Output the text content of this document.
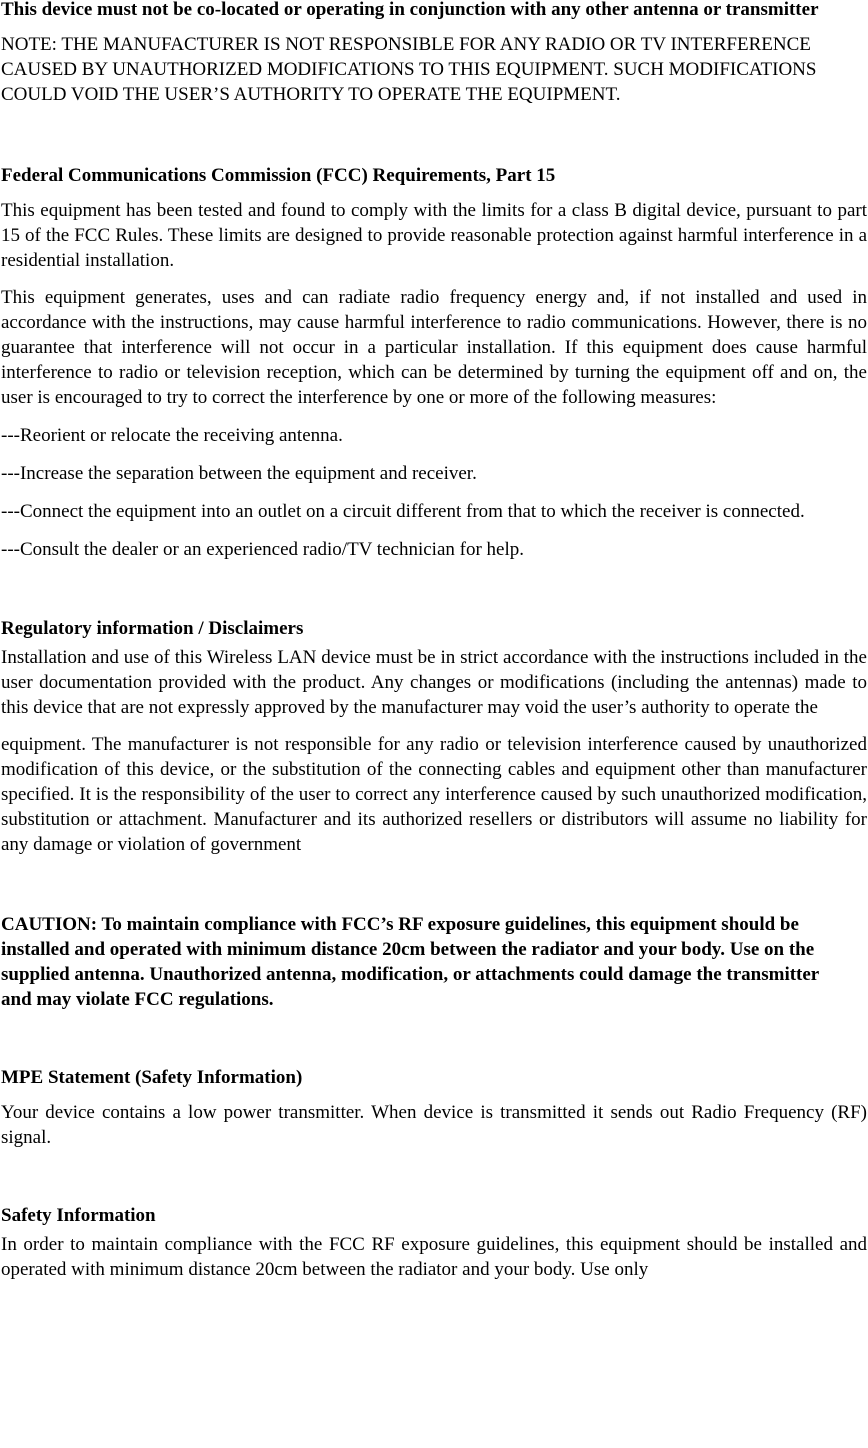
This device must not be co-located or operating in conjunction with any other antenna or transmitter

NOTE: THE MANUFACTURER IS NOT RESPONSIBLE FOR ANY RADIO OR TV INTERFERENCE CAUSED BY UNAUTHORIZED MODIFICATIONS TO THIS EQUIPMENT. SUCH MODIFICATIONS COULD VOID THE USER’S AUTHORITY TO OPERATE THE EQUIPMENT.

Federal Communications Commission (FCC) Requirements, Part 15

This equipment has been tested and found to comply with the limits for a class B digital device, pursuant to part 15 of the FCC Rules. These limits are designed to provide reasonable protection against harmful interference in a residential installation.

This equipment generates, uses and can radiate radio frequency energy and, if not installed and used in accordance with the instructions, may cause harmful interference to radio communications. However, there is no guarantee that interference will not occur in a particular installation. If this equipment does cause harmful interference to radio or television reception, which can be determined by turning the equipment off and on, the user is encouraged to try to correct the interference by one or more of the following measures:

---Reorient or relocate the receiving antenna.

---Increase the separation between the equipment and receiver.

---Connect the equipment into an outlet on a circuit different from that to which the receiver is connected.

---Consult the dealer or an experienced radio/TV technician for help.

Regulatory information / Disclaimers

Installation and use of this Wireless LAN device must be in strict accordance with the instructions included in the user documentation provided with the product. Any changes or modifications (including the antennas) made to this device that are not expressly approved by the manufacturer may void the user’s authority to operate the

equipment. The manufacturer is not responsible for any radio or television interference caused by unauthorized modification of this device, or the substitution of the connecting cables and equipment other than manufacturer specified. It is the responsibility of the user to correct any interference caused by such unauthorized modification, substitution or attachment. Manufacturer and its authorized resellers or distributors will assume no liability for any damage or violation of government

CAUTION: To maintain compliance with FCC’s RF exposure guidelines, this equipment should be installed and operated with minimum distance 20cm between the radiator and your body. Use on the supplied antenna. Unauthorized antenna, modification, or attachments could damage the transmitter and may violate FCC regulations.

MPE Statement (Safety Information)

Your device contains a low power transmitter. When device is transmitted it sends out Radio Frequency (RF) signal.

Safety Information

In order to maintain compliance with the FCC RF exposure guidelines, this equipment should be installed and operated with minimum distance 20cm between the radiator and your body. Use only
